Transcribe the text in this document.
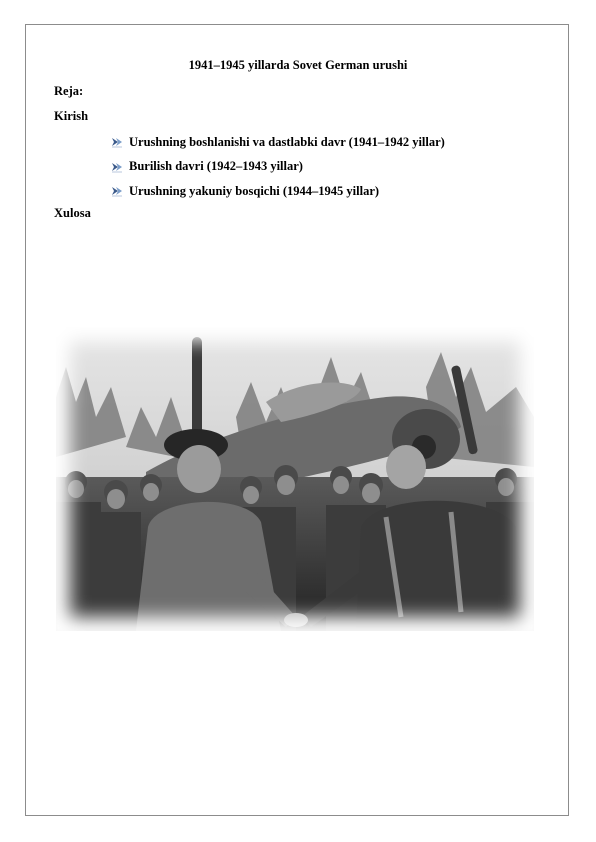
1941–1945 yillarda Sovet German urushi

Reja:

Kirish

Urushning boshlanishi va dastlabki davr (1941–1942 yillar)
Burilish davri (1942–1943 yillar)
Urushning yakuniy bosqichi (1944–1945 yillar)

Xulosa
